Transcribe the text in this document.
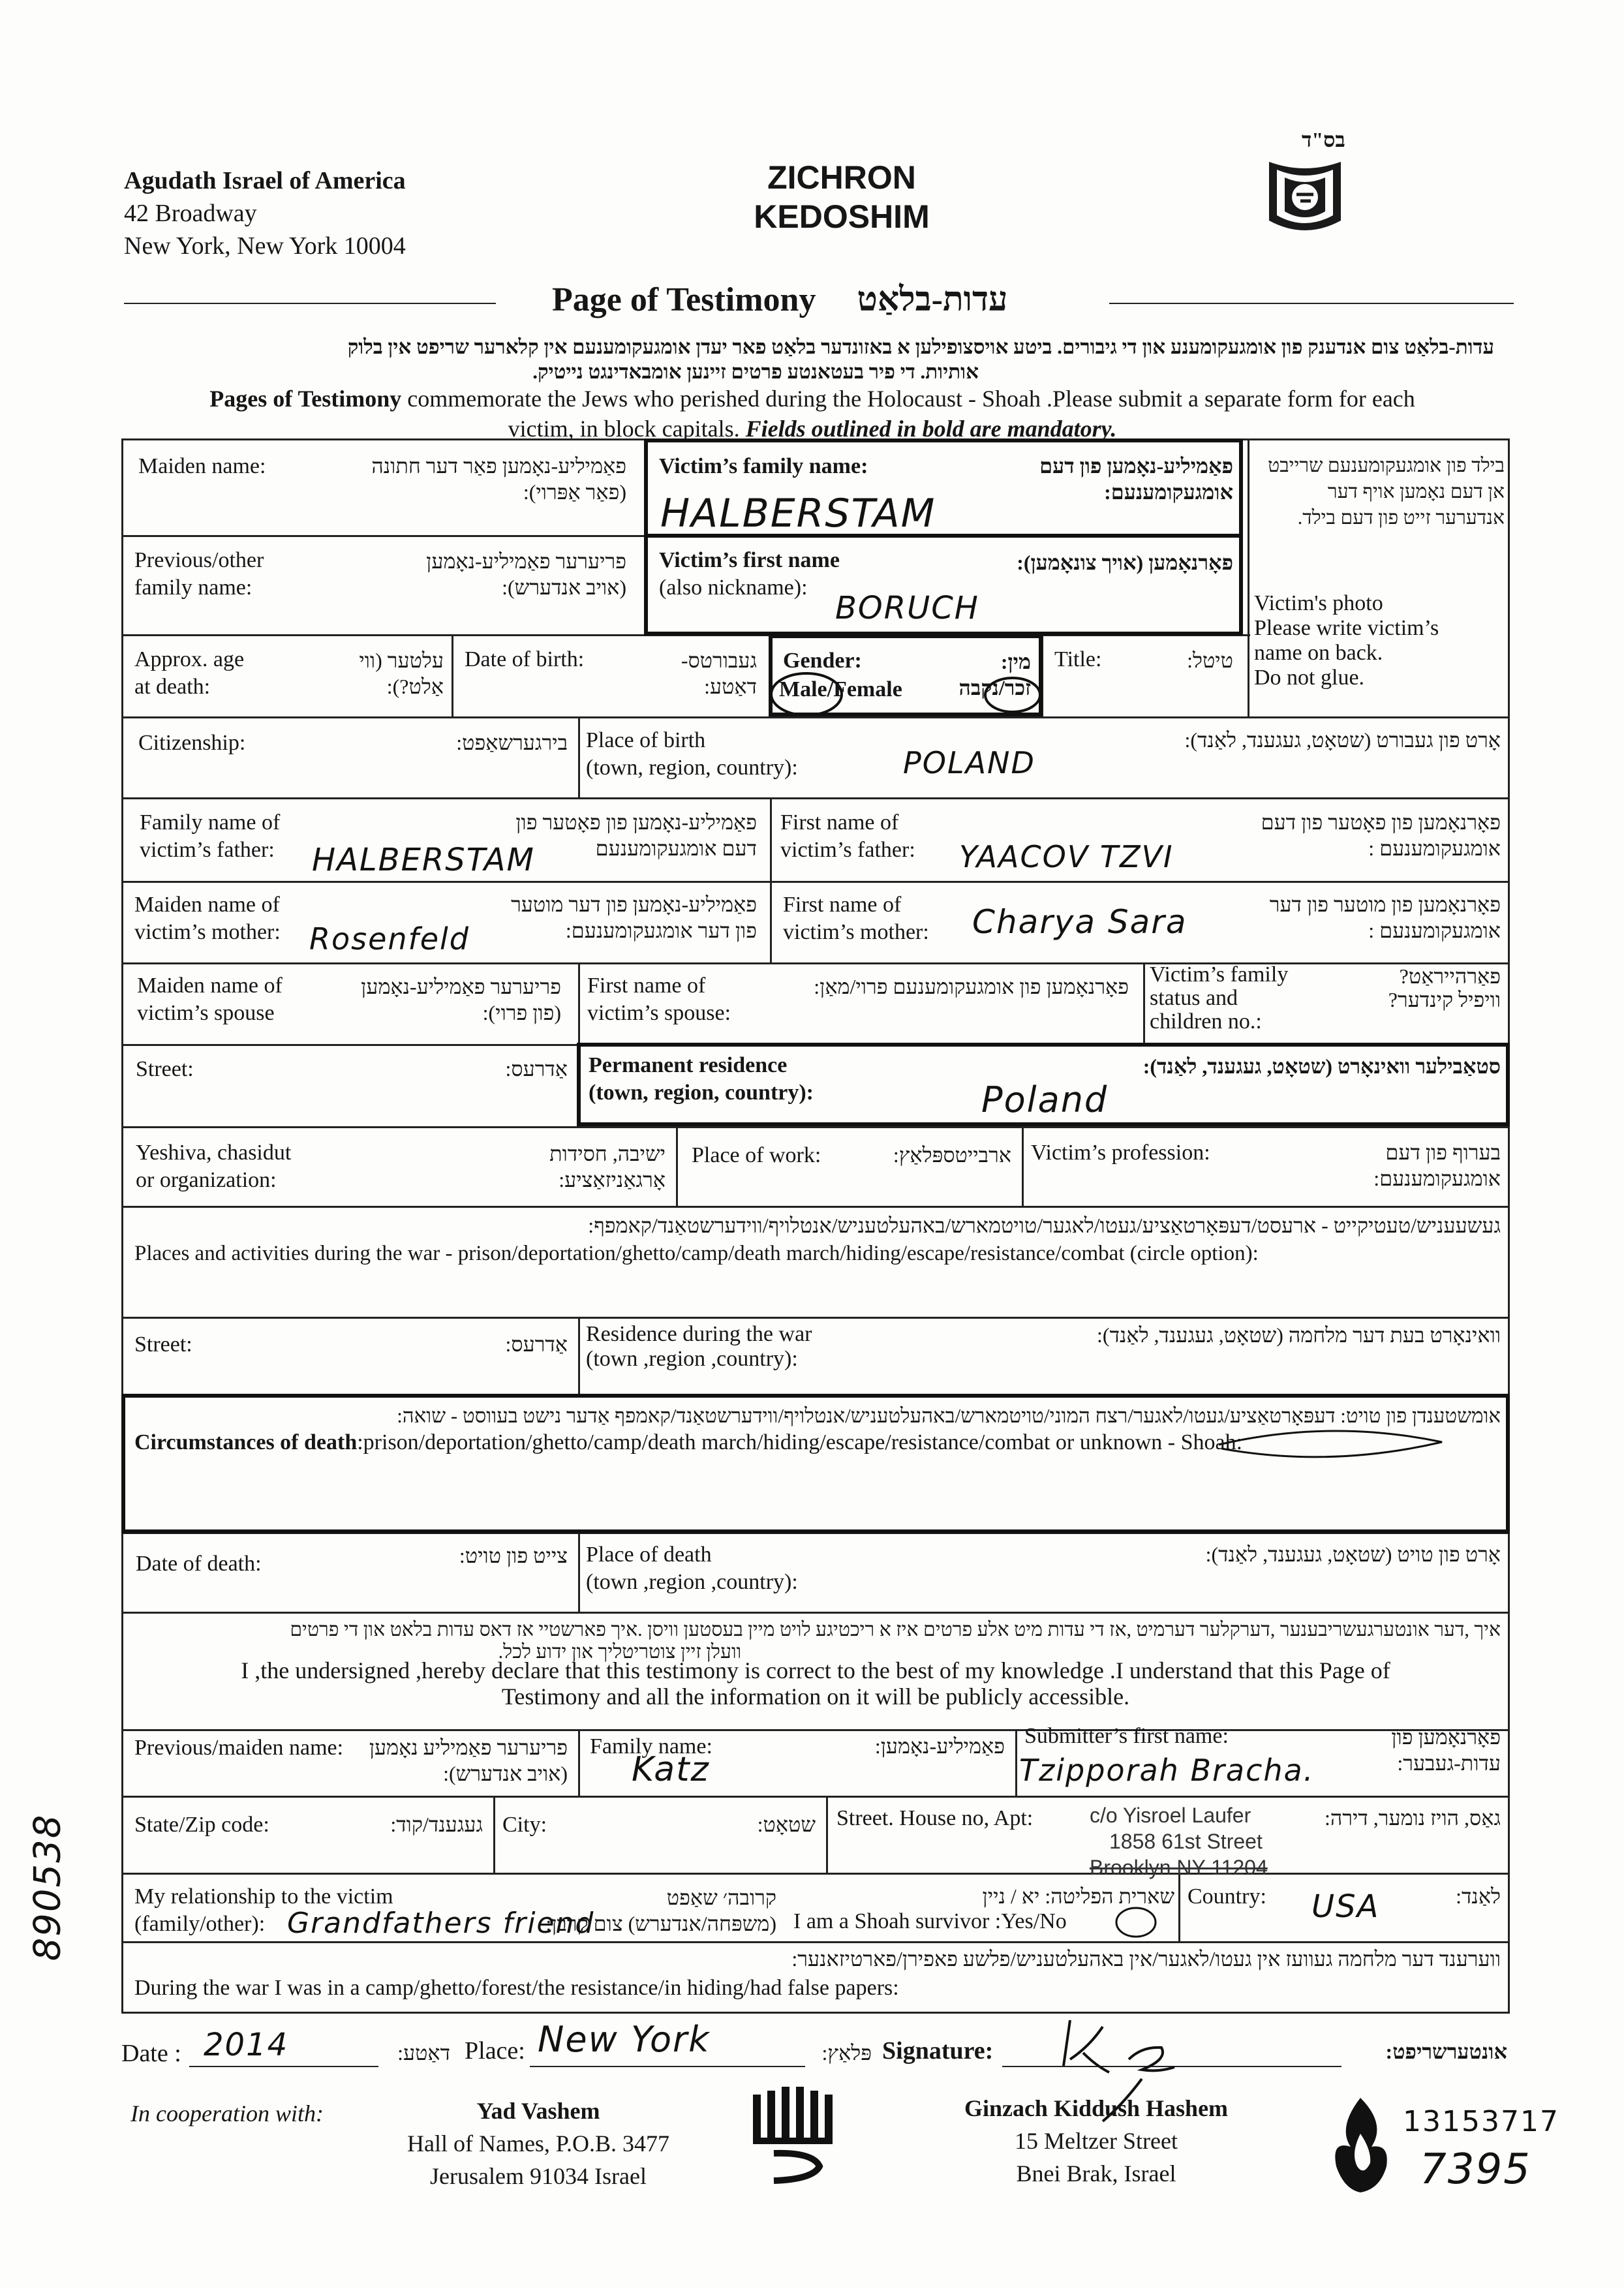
Agudath Israel of America
42 Broadway
New York, New York 10004
ZICHRON
KEDOSHIM
בס"ד
Page of Testimony עדות-בלאַט
עדות-בלאַט צום אנדענק פון אומגעקומענע און די גיבורים. ביטע אויסצופילען א באזונדער בלאַט פאר יעדן אומגעקומענעם אין קלארער שריפט אין בלוק
אותיות. די פיר בעטאנטע פרטים זיינען אומבאדינגט נייטיק.
Pages of Testimony commemorate the Jews who perished during the Holocaust - Shoah .Please submit a separate form for each
victim, in block capitals. Fields outlined in bold are mandatory.
Maiden name:	פאַמיליע-נאָמען פאַר דער חתונה (פאַר אַפּרוי):
Victim’s family name:	פאַמיליע-נאָמען פון דעם אומגעקומענעם:
HALBERSTAM
בילד פון אומגעקומענעם שרייבט אן דעם נאָמען אויף דער אנדערער זייט פון דעם בילד.
Victim's photo
Please write victim’s
name on back.
Do not glue.
Previous/other
family name:
פריערער פאַמיליע-נאָמען (אויב אנדערש):
Victim’s first name
(also nickname):
פאָרנאָמען (אויך צונאָמען):
BORUCH
Approx. age
at death:
עלטער (ווי אַלט?):
Date of birth:	געבורטס- דאַטע:
Gender:
Male/Female
מין: זכר/נקבה
Title:	טיטל:
Citizenship:	בירגערשאַפט: Place of birth
(town, region, country):
אָרט פון געבורט (שטאָט, געגענד, לאַנד):
POLAND
Family name of
victim’s father:
פאַמיליע-נאָמען פון פאָטער פון דעם אומגעקומענעם
HALBERSTAM
First name of
victim’s father:
פאָרנאָמען פון פאָטער פון דעם אומגעקומענעם :
YAACOV TZVI
Maiden name of
victim’s mother:
פאַמיליע-נאָמען פון דער מוטער פון דער אומגעקומענעם:
Rosenfeld
First name of
victim’s mother:
פאָרנאָמען פון מוטער פון דער אומגעקומענעם :
Charya Sara
Maiden name of
victim’s spouse
פריערער פאַמיליע-נאָמען (פון פרוי):
First name of
victim’s spouse:
פאָרנאָמען פון אומגעקומענעם פרוי/מאַן: Victim’s family
status and
children no.:
פאַרהייראַט? וויפיל קינדער?
Street:	אַדרעס: Permanent residence
(town, region, country):
סטאַבילער וואינאָרט (שטאָט, געגענד, לאַנד):
Poland
Yeshiva, chasidut
or organization:
ישיבה, חסידות אָרגאַניזאַציע:
Place of work:	ארבייטספּלאַץ: Victim’s profession:	בערוף פון דעם אומגעקומענעם:
געשעעניש/טעטיקייט - ארעסט/דעפּאָרטאַציע/געטו/לאגער/טויטמארש/באהעלטעניש/אנטלויף/ווידערשטאַנד/קאמפף:
Places and activities during the war - prison/deportation/ghetto/camp/death march/hiding/escape/resistance/combat (circle option):
Street:	אַדרעס: Residence during the war
(town ,region ,country):
וואינאָרט בעת דער מלחמה (שטאָט, געגענד, לאַנד):
אומשטענדן פון טויט: דעפּאָרטאַציע/געטו/לאגער/רצח המוני/טויטמארש/באהעלטעניש/אנטלויף/ווידערשטאַנד/קאמפף אַדער נישט בעווסט - שואה:
Circumstances of death:prison/deportation/ghetto/camp/death march/hiding/escape/resistance/combat or unknown - Shoah:
Date of death:	צייט פון טויט: Place of death
(town ,region ,country):
אָרט פון טויט (שטאָט, געגענד, לאַנד):
איך ,דער אונטערגעשריבענער ,דערקלער דערמיט ,אז די עדות מיט אלע פרטים איז א ריכטיגע לויט מיין בעסטען וויסן .איך פארשטיי אז דאס עדות בלאט און די פרטים
וועלן זיין צוטריטליך און ידוע לכל.
I ,the undersigned ,hereby declare that this testimony is correct to the best of my knowledge .I understand that this Page of
Testimony and all the information on it will be publicly accessible.
Previous/maiden name: פריערער פאַמיליע נאָמען (אויב אנדערש):
Family name:	פאַמיליע-נאָמען:
Katz
Submitter’s first name:	פאָרנאָמען פון עדות-געבער:
Tzipporah Bracha.
State/Zip code:	געגענד/קוד: City:	שטאָט: Street. House no, Apt:	גאַס, הויז נומער, דירה:
c/o Yisroel Laufer
1858 61st Street
Brooklyn NY 11204
My relationship to the victim
(family/other):
קרובה׳ שאַפט (משפּחה/אנדערש) צום קרבן:
Grandfathers friend
שארית הפליטה: יא / ניין
I am a Shoah survivor :Yes/No
Country:	לאַנד:
USA
ווערענד דער מלחמה געוועז אין געטו/לאגער/אין באהעלטעניש/פלשע פאפירן/פארטיזאנער:
During the war I was in a camp/ghetto/forest/the resistance/in hiding/had false papers:
Date : 2014	דאַטע: Place: New York	פּלאַץ: Signature:	אונטערשריפט:
In cooperation with:	Yad Vashem
Hall of Names, P.O.B. 3477
Jerusalem 91034 Israel
Ginzach Kiddush Hashem
15 Meltzer Street
Bnei Brak, Israel
13153717
7395
890538
